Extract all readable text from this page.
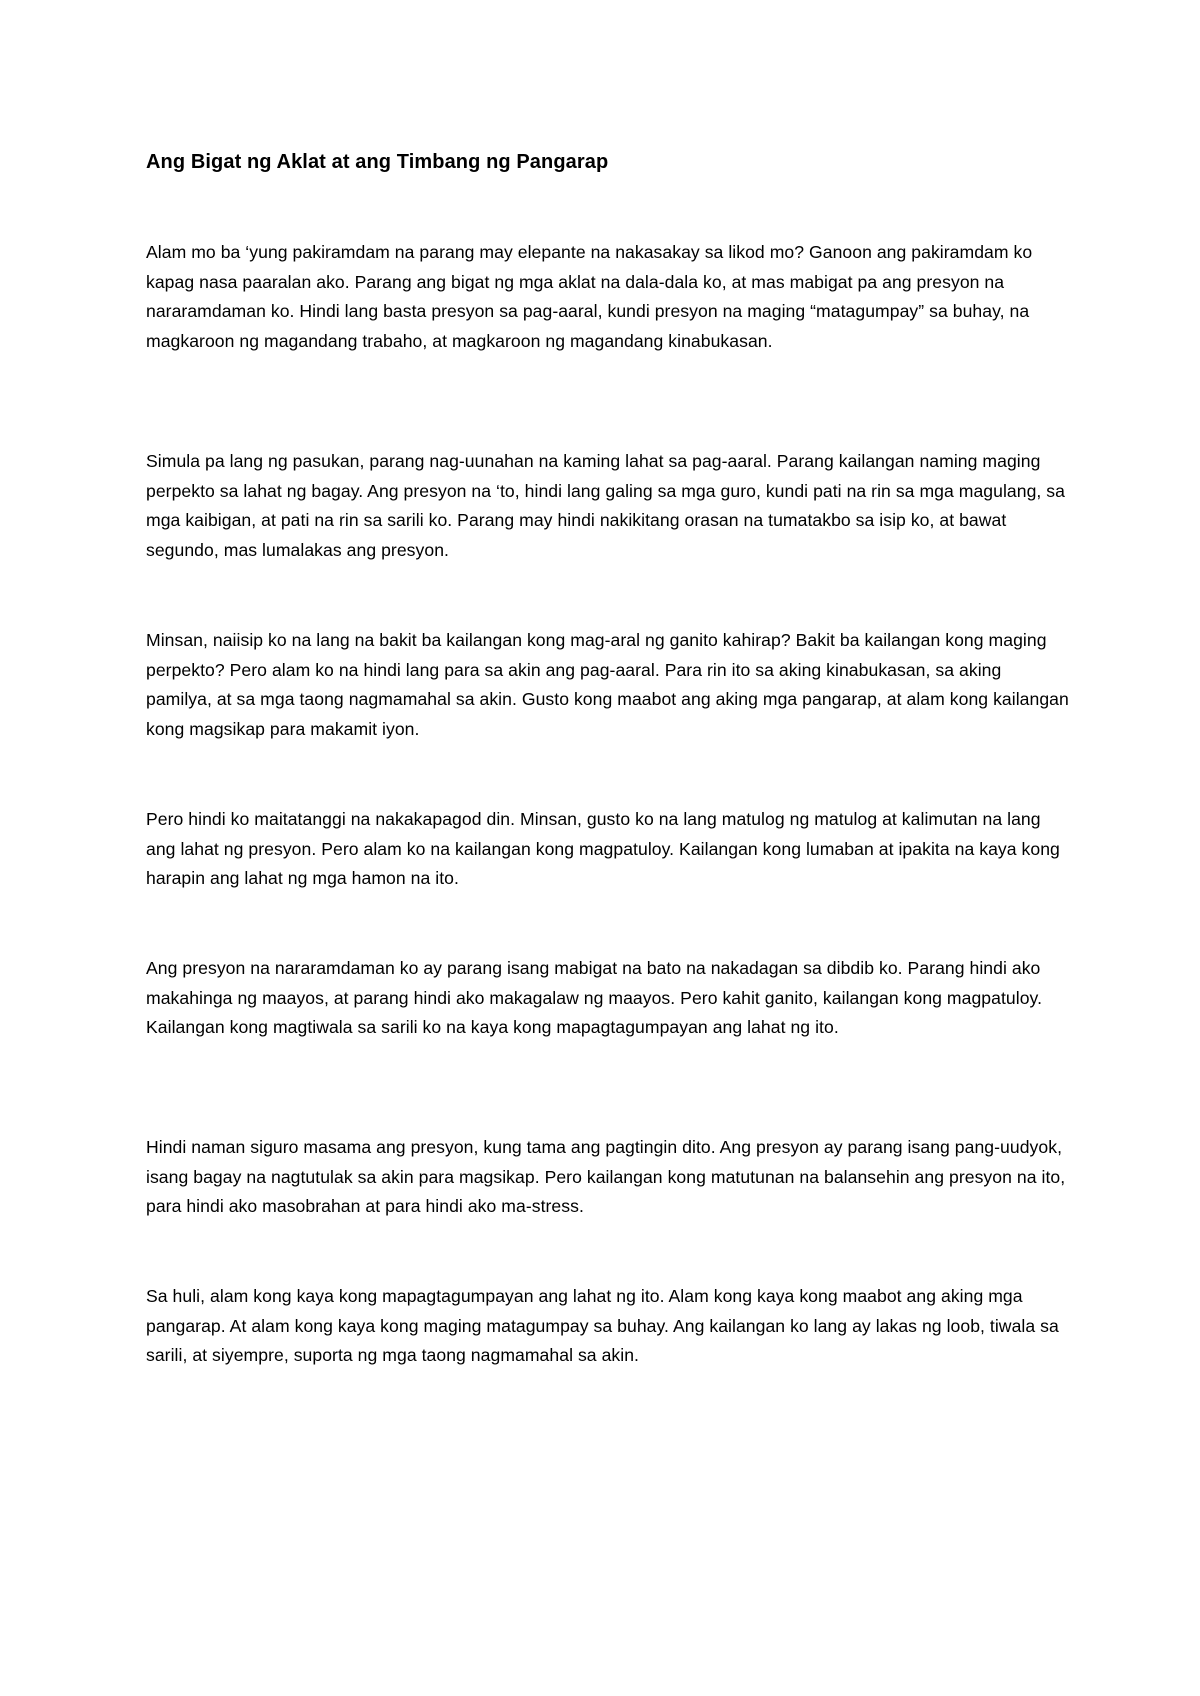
Ang Bigat ng Aklat at ang Timbang ng Pangarap

Alam mo ba ‘yung pakiramdam na parang may elepante na nakasakay sa likod mo? Ganoon ang pakiramdam ko kapag nasa paaralan ako. Parang ang bigat ng mga aklat na dala-dala ko, at mas mabigat pa ang presyon na nararamdaman ko. Hindi lang basta presyon sa pag-aaral, kundi presyon na maging “matagumpay” sa buhay, na magkaroon ng magandang trabaho, at magkaroon ng magandang kinabukasan.

Simula pa lang ng pasukan, parang nag-uunahan na kaming lahat sa pag-aaral. Parang kailangan naming maging perpekto sa lahat ng bagay. Ang presyon na ‘to, hindi lang galing sa mga guro, kundi pati na rin sa mga magulang, sa mga kaibigan, at pati na rin sa sarili ko. Parang may hindi nakikitang orasan na tumatakbo sa isip ko, at bawat segundo, mas lumalakas ang presyon.

Minsan, naiisip ko na lang na bakit ba kailangan kong mag-aral ng ganito kahirap? Bakit ba kailangan kong maging perpekto? Pero alam ko na hindi lang para sa akin ang pag-aaral. Para rin ito sa aking kinabukasan, sa aking pamilya, at sa mga taong nagmamahal sa akin. Gusto kong maabot ang aking mga pangarap, at alam kong kailangan kong magsikap para makamit iyon.

Pero hindi ko maitatanggi na nakakapagod din. Minsan, gusto ko na lang matulog ng matulog at kalimutan na lang ang lahat ng presyon. Pero alam ko na kailangan kong magpatuloy. Kailangan kong lumaban at ipakita na kaya kong harapin ang lahat ng mga hamon na ito.

Ang presyon na nararamdaman ko ay parang isang mabigat na bato na nakadagan sa dibdib ko. Parang hindi ako makahinga ng maayos, at parang hindi ako makagalaw ng maayos. Pero kahit ganito, kailangan kong magpatuloy. Kailangan kong magtiwala sa sarili ko na kaya kong mapagtagumpayan ang lahat ng ito.

Hindi naman siguro masama ang presyon, kung tama ang pagtingin dito. Ang presyon ay parang isang pang-uudyok, isang bagay na nagtutulak sa akin para magsikap. Pero kailangan kong matutunan na balansehin ang presyon na ito, para hindi ako masobrahan at para hindi ako ma-stress.

Sa huli, alam kong kaya kong mapagtagumpayan ang lahat ng ito. Alam kong kaya kong maabot ang aking mga pangarap. At alam kong kaya kong maging matagumpay sa buhay. Ang kailangan ko lang ay lakas ng loob, tiwala sa sarili, at siyempre, suporta ng mga taong nagmamahal sa akin.
